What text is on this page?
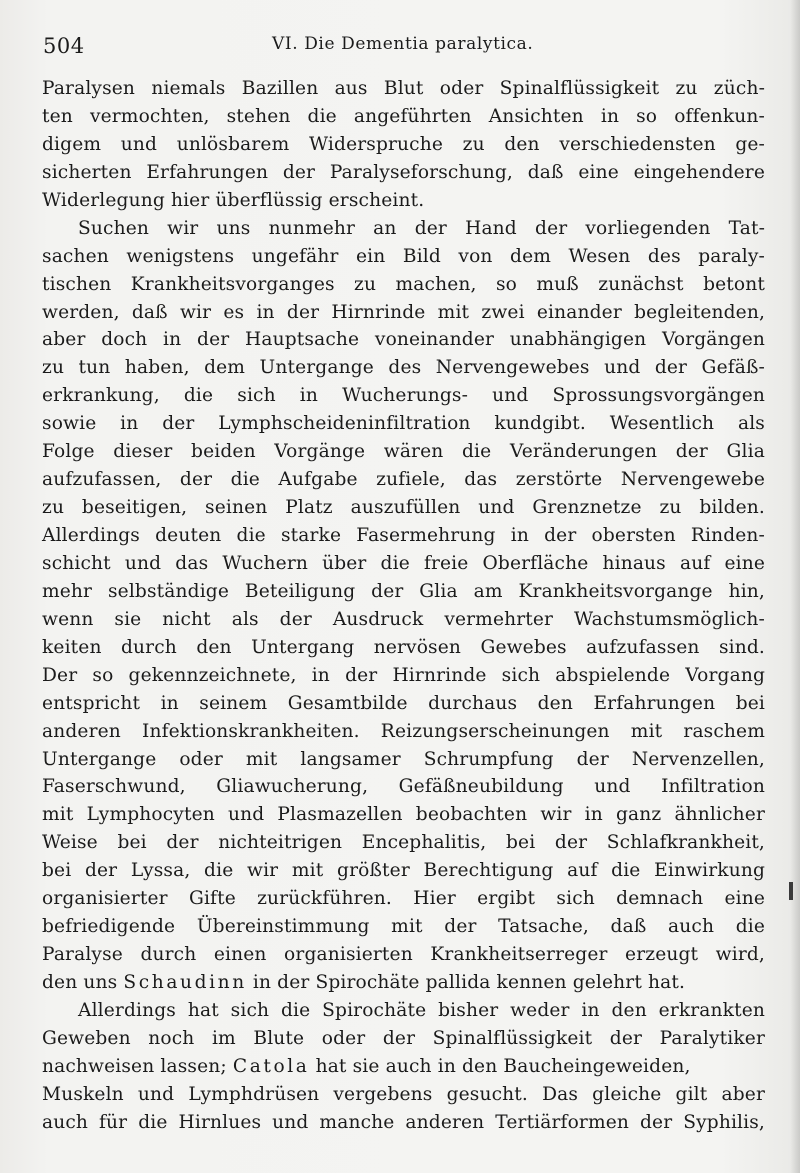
504	VI. Die Dementia paralytica.
Paralysen niemals Bazillen aus Blut oder Spinalflüssigkeit zu züch-
ten vermochten, stehen die angeführten Ansichten in so offenkun-
digem und unlösbarem Widerspruche zu den verschiedensten ge-
sicherten Erfahrungen der Paralyseforschung, daß eine eingehendere
Widerlegung hier überflüssig erscheint.
Suchen wir uns nunmehr an der Hand der vorliegenden Tat-
sachen wenigstens ungefähr ein Bild von dem Wesen des paraly-
tischen Krankheitsvorganges zu machen, so muß zunächst betont
werden, daß wir es in der Hirnrinde mit zwei einander begleitenden,
aber doch in der Hauptsache voneinander unabhängigen Vorgängen
zu tun haben, dem Untergange des Nervengewebes und der Gefäß-
erkrankung, die sich in Wucherungs- und Sprossungsvorgängen
sowie in der Lymphscheideninfiltration kundgibt. Wesentlich als
Folge dieser beiden Vorgänge wären die Veränderungen der Glia
aufzufassen, der die Aufgabe zufiele, das zerstörte Nervengewebe
zu beseitigen, seinen Platz auszufüllen und Grenznetze zu bilden.
Allerdings deuten die starke Fasermehrung in der obersten Rinden-
schicht und das Wuchern über die freie Oberfläche hinaus auf eine
mehr selbständige Beteiligung der Glia am Krankheitsvorgange hin,
wenn sie nicht als der Ausdruck vermehrter Wachstumsmöglich-
keiten durch den Untergang nervösen Gewebes aufzufassen sind.
Der so gekennzeichnete, in der Hirnrinde sich abspielende Vorgang
entspricht in seinem Gesamtbilde durchaus den Erfahrungen bei
anderen Infektionskrankheiten. Reizungserscheinungen mit raschem
Untergange oder mit langsamer Schrumpfung der Nervenzellen,
Faserschwund, Gliawucherung, Gefäßneubildung und Infiltration
mit Lymphocyten und Plasmazellen beobachten wir in ganz ähnlicher
Weise bei der nichteitrigen Encephalitis, bei der Schlafkrankheit,
bei der Lyssa, die wir mit größter Berechtigung auf die Einwirkung
organisierter Gifte zurückführen. Hier ergibt sich demnach eine
befriedigende Übereinstimmung mit der Tatsache, daß auch die
Paralyse durch einen organisierten Krankheitserreger erzeugt wird,
den uns Schaudinn in der Spirochäte pallida kennen gelehrt hat.
Allerdings hat sich die Spirochäte bisher weder in den erkrankten
Geweben noch im Blute oder der Spinalflüssigkeit der Paralytiker
nachweisen lassen; Catola hat sie auch in den Baucheingeweiden,
Muskeln und Lymphdrüsen vergebens gesucht. Das gleiche gilt aber
auch für die Hirnlues und manche anderen Tertiärformen der Syphilis,
